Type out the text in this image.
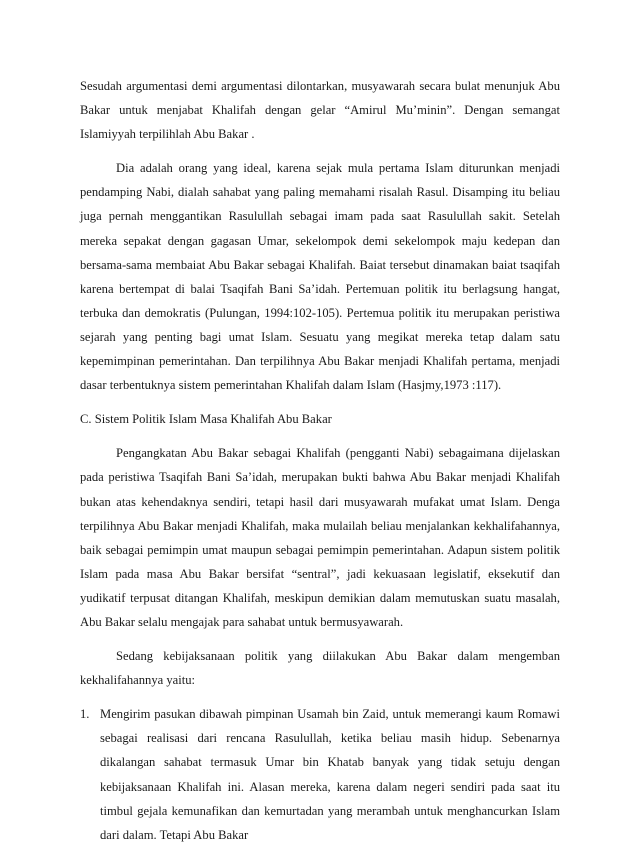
Sesudah argumentasi demi argumentasi dilontarkan, musyawarah secara bulat menunjuk Abu Bakar untuk menjabat Khalifah dengan gelar “Amirul Mu’minin”. Dengan semangat Islamiyyah terpilihlah Abu Bakar .

Dia adalah orang yang ideal, karena sejak mula pertama Islam diturunkan menjadi pendamping Nabi, dialah sahabat yang paling memahami risalah Rasul. Disamping itu beliau juga pernah menggantikan Rasulullah sebagai imam pada saat Rasulullah sakit. Setelah mereka sepakat dengan gagasan Umar, sekelompok demi sekelompok maju kedepan dan bersama-sama membaiat Abu Bakar sebagai Khalifah. Baiat tersebut dinamakan baiat tsaqifah karena bertempat di balai Tsaqifah Bani Sa’idah. Pertemuan politik itu berlagsung hangat, terbuka dan demokratis (Pulungan, 1994:102-105). Pertemua politik itu merupakan peristiwa sejarah yang penting bagi umat Islam. Sesuatu yang megikat mereka tetap dalam satu kepemimpinan pemerintahan. Dan terpilihnya Abu Bakar menjadi Khalifah pertama, menjadi dasar terbentuknya sistem pemerintahan Khalifah dalam Islam (Hasjmy,1973 :117).

C. Sistem Politik Islam Masa Khalifah Abu Bakar

Pengangkatan Abu Bakar sebagai Khalifah (pengganti Nabi) sebagaimana dijelaskan pada peristiwa Tsaqifah Bani Sa’idah, merupakan bukti bahwa Abu Bakar menjadi Khalifah bukan atas kehendaknya sendiri, tetapi hasil dari musyawarah mufakat umat Islam. Denga terpilihnya Abu Bakar menjadi Khalifah, maka mulailah beliau menjalankan kekhalifahannya, baik sebagai pemimpin umat maupun sebagai pemimpin pemerintahan. Adapun sistem politik Islam pada masa Abu Bakar bersifat “sentral”, jadi kekuasaan legislatif, eksekutif dan yudikatif terpusat ditangan Khalifah, meskipun demikian dalam memutuskan suatu masalah, Abu Bakar selalu mengajak para sahabat untuk bermusyawarah.

Sedang kebijaksanaan politik yang diilakukan Abu Bakar dalam mengemban kekhalifahannya yaitu:

1. Mengirim pasukan dibawah pimpinan Usamah bin Zaid, untuk memerangi kaum Romawi sebagai realisasi dari rencana Rasulullah, ketika beliau masih hidup. Sebenarnya dikalangan sahabat termasuk Umar bin Khatab banyak yang tidak setuju dengan kebijaksanaan Khalifah ini. Alasan mereka, karena dalam negeri sendiri pada saat itu timbul gejala kemunafikan dan kemurtadan yang merambah untuk menghancurkan Islam dari dalam. Tetapi Abu Bakar
